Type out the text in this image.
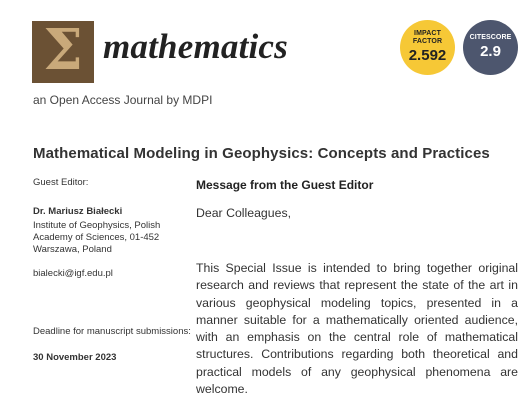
Σ mathematics
an Open Access Journal by MDPI
IMPACT
FACTOR
2.592
CITESCORE
2.9
Mathematical Modeling in Geophysics: Concepts and Practices
Guest Editor:
Dr. Mariusz Białecki
Institute of Geophysics, Polish Academy of Sciences, 01-452 Warszawa, Poland
bialecki@igf.edu.pl
Deadline for manuscript submissions:
30 November 2023
Message from the Guest Editor
Dear Colleagues,
This Special Issue is intended to bring together original research and reviews that represent the state of the art in various geophysical modeling topics, presented in a manner suitable for a mathematically oriented audience, with an emphasis on the central role of mathematical structures. Contributions regarding both theoretical and practical models of any geophysical phenomena are welcome.
